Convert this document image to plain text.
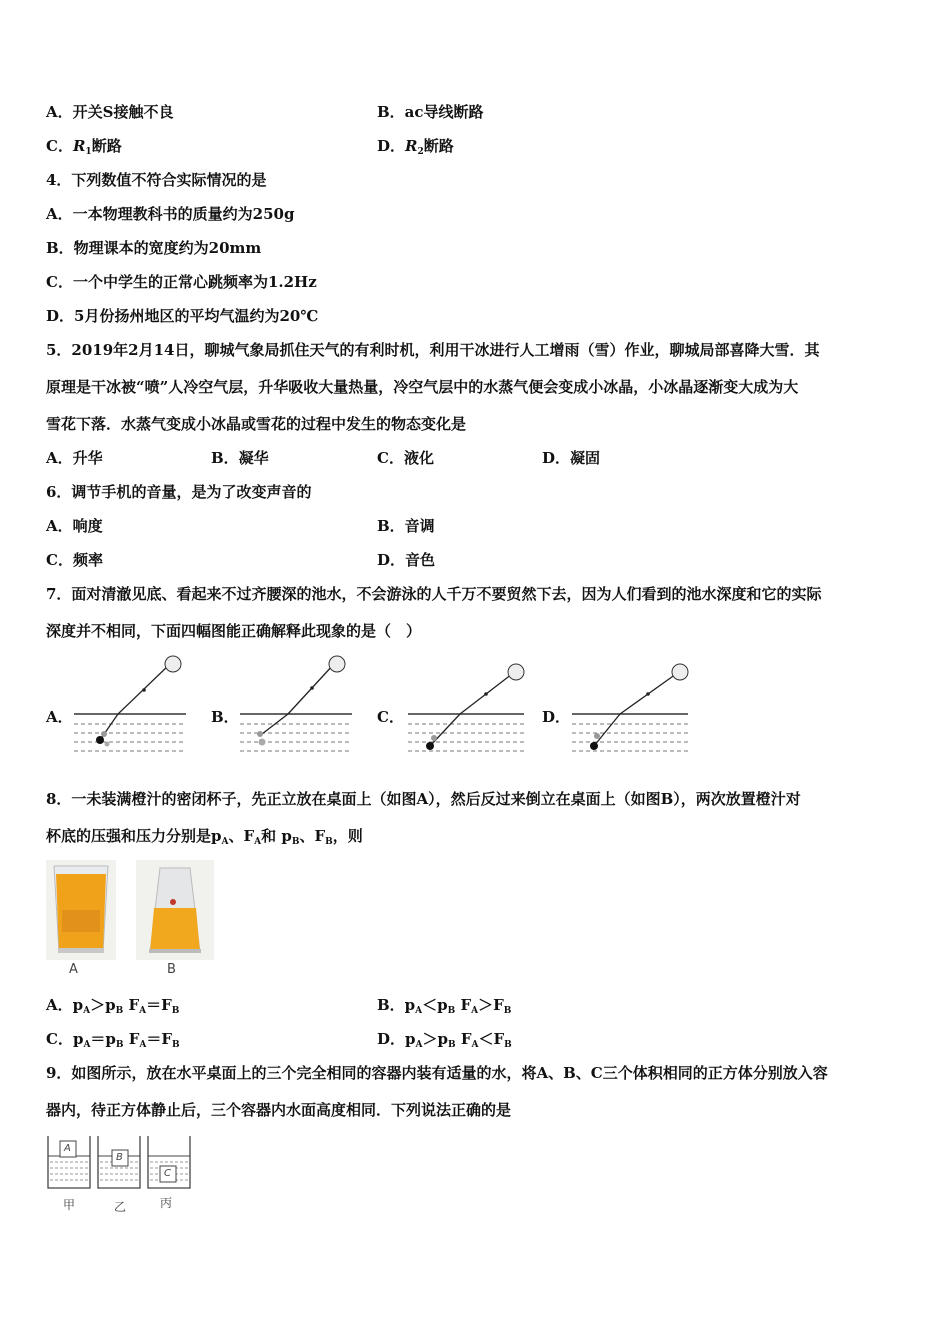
A．开关S接触不良	B．ac导线断路
C．$R_1$断路	D．$R_2$断路
4．下列数值不符合实际情况的是
A．一本物理教科书的质量约为250g
B．物理课本的宽度约为20mm
C．一个中学生的正常心跳频率为1.2Hz
D．5月份扬州地区的平均气温约为20℃
5．2019年2月14日，聊城气象局抓住天气的有利时机，利用干冰进行人工增雨（雪）作业，聊城局部喜降大雪．其
原理是干冰被“喷”人冷空气层，升华吸收大量热量，冷空气层中的水蒸气便会变成小冰晶，小冰晶逐渐变大成为大
雪花下落．水蒸气变成小冰晶或雪花的过程中发生的物态变化是
A．升华	B．凝华	C．液化	D．凝固
6．调节手机的音量，是为了改变声音的
A．响度	B．音调
C．频率	D．音色
7．面对清澈见底、看起来不过齐腰深的池水，不会游泳的人千万不要贸然下去，因为人们看到的池水深度和它的实际
深度并不相同，下面四幅图能正确解释此现象的是（　）
A．	B．	C．	D．
8．一未装满橙汁的密闭杯子，先正立放在桌面上（如图A），然后反过来倒立在桌面上（如图B），两次放置橙汁对
杯底的压强和压力分别是$p_A$、$F_A$和 $p_B$、$F_B$，则
A	B
A．$p_A>p_B$ $F_A=F_B$	B．$p_A<p_B$ $F_A>F_B$
C．$p_A=p_B$ $F_A=F_B$	D．$p_A>p_B$ $F_A<F_B$
9．如图所示，放在水平桌面上的三个完全相同的容器内装有适量的水，将A、B、C三个体积相同的正方体分别放入容
器内，待正方体静止后，三个容器内水面高度相同．下列说法正确的是
A
B
C
甲	乙	丙
